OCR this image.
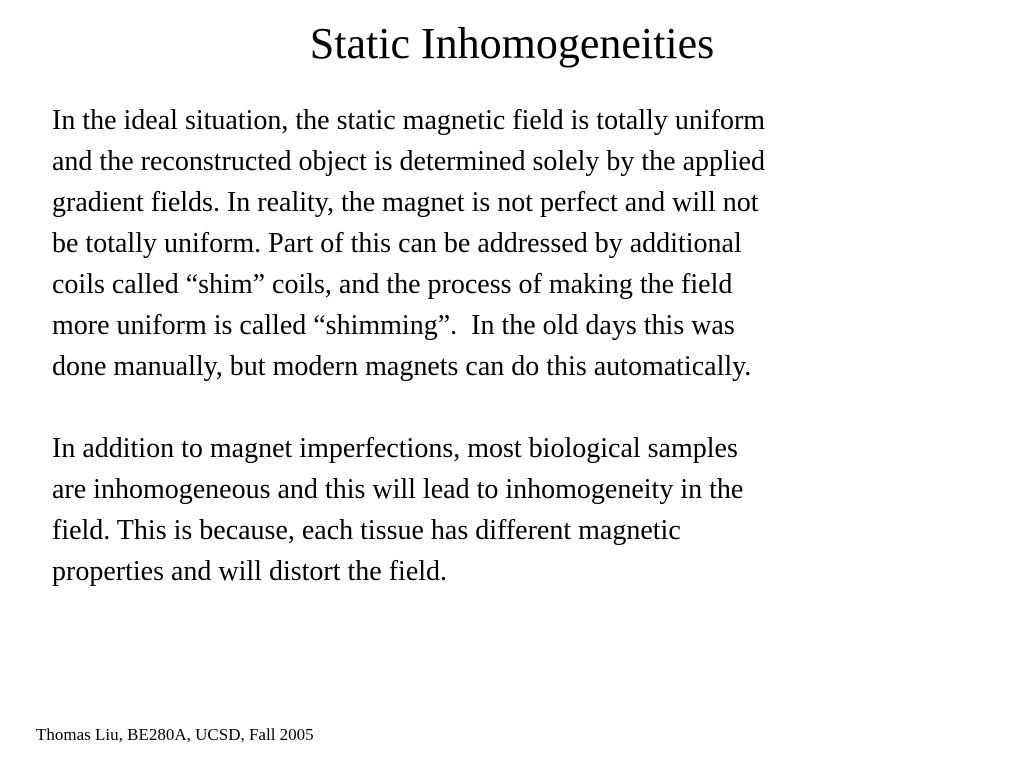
Static Inhomogeneities

In the ideal situation, the static magnetic field is totally uniform
and the reconstructed object is determined solely by the applied
gradient fields. In reality, the magnet is not perfect and will not
be totally uniform. Part of this can be addressed by additional
coils called “shim” coils, and the process of making the field
more uniform is called “shimming”.  In the old days this was
done manually, but modern magnets can do this automatically.

In addition to magnet imperfections, most biological samples
are inhomogeneous and this will lead to inhomogeneity in the
field. This is because, each tissue has different magnetic
properties and will distort the field.

Thomas Liu, BE280A, UCSD, Fall 2005
